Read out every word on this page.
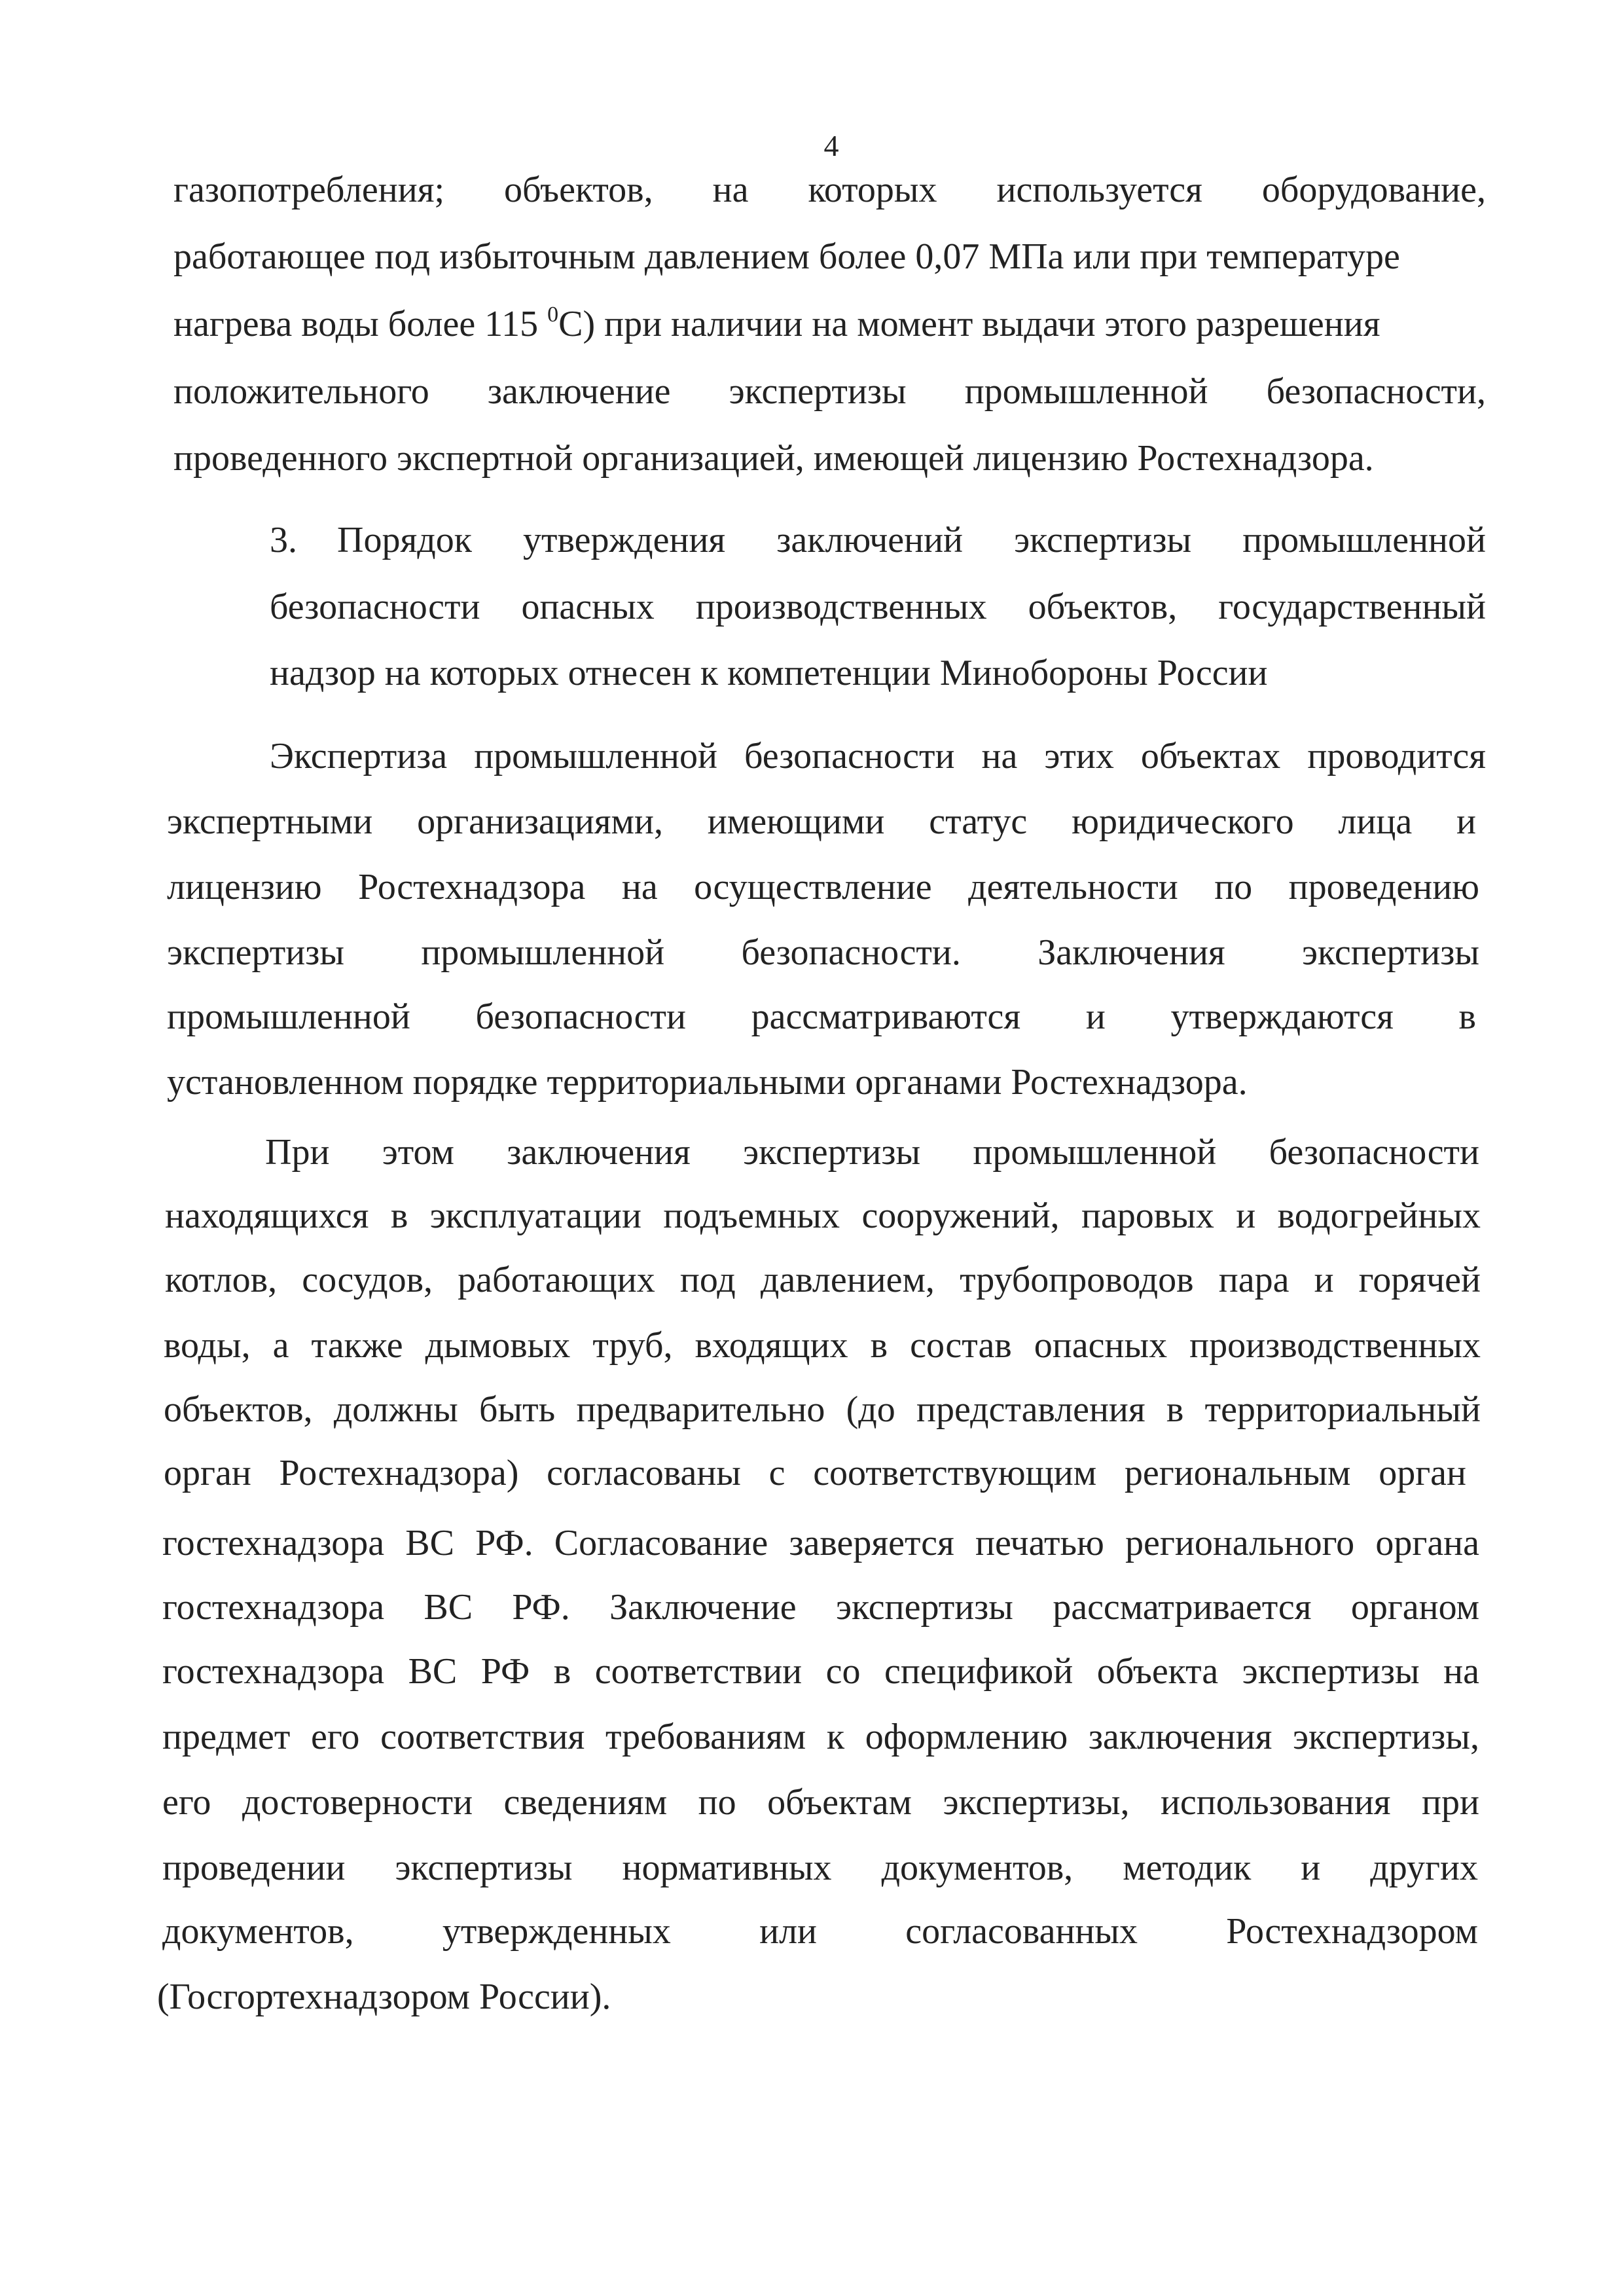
4
газопотребления; объектов, на которых используется оборудование,
работающее под избыточным давлением более 0,07 МПа или при температуре
нагрева воды более 115 $^0$С) при наличии на момент выдачи этого разрешения
положительного заключение экспертизы промышленной безопасности,
проведенного экспертной организацией, имеющей лицензию Ростехнадзора.
3. Порядок утверждения заключений экспертизы промышленной
безопасности опасных производственных объектов, государственный
надзор на которых отнесен к компетенции Минобороны России
Экспертиза промышленной безопасности на этих объектах проводится
экспертными организациями, имеющими статус юридического лица и
лицензию Ростехнадзора на осуществление деятельности по проведению
экспертизы промышленной безопасности. Заключения экспертизы
промышленной безопасности рассматриваются и утверждаются в
установленном порядке территориальными органами Ростехнадзора.
При этом заключения экспертизы промышленной безопасности
находящихся в эксплуатации подъемных сооружений, паровых и водогрейных
котлов, сосудов, работающих под давлением, трубопроводов пара и горячей
воды, а также дымовых труб, входящих в состав опасных производственных
объектов, должны быть предварительно (до представления в территориальный
орган Ростехнадзора) согласованы с соответствующим региональным орган
гостехнадзора ВС РФ. Согласование заверяется печатью регионального органа
гостехнадзора ВС РФ. Заключение экспертизы рассматривается органом
гостехнадзора ВС РФ в соответствии со спецификой объекта экспертизы на
предмет его соответствия требованиям к оформлению заключения экспертизы,
его достоверности сведениям по объектам экспертизы, использования при
проведении экспертизы нормативных документов, методик и других
документов, утвержденных или согласованных Ростехнадзором
(Госгортехнадзором России).
